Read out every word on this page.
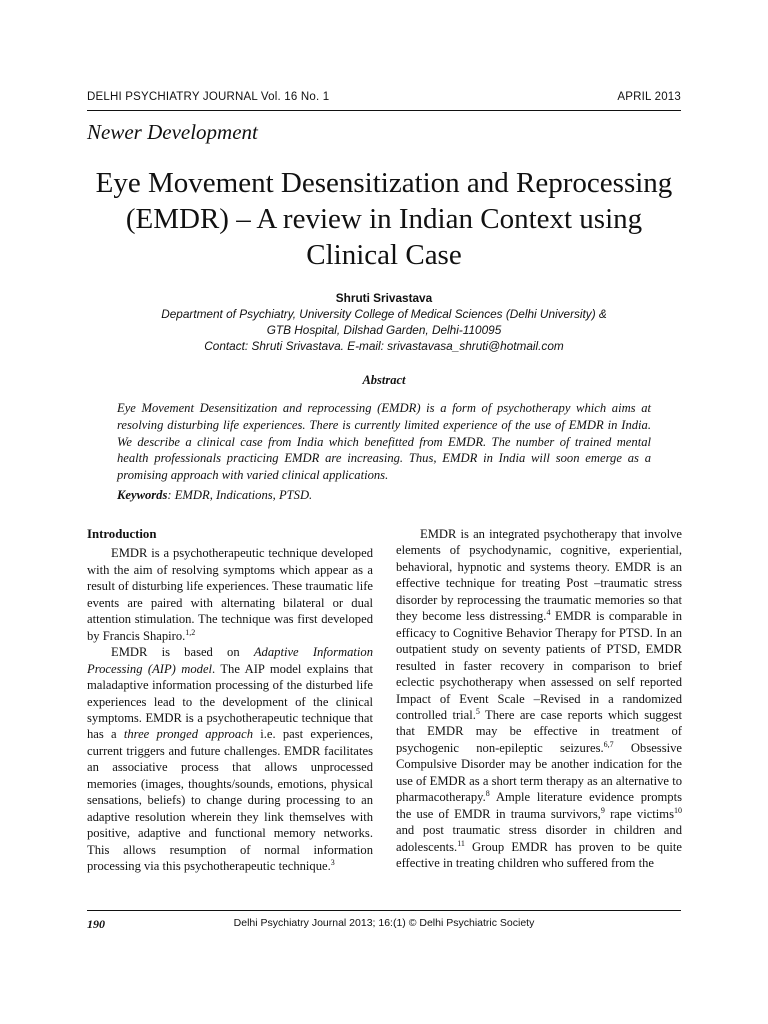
DELHI PSYCHIATRY JOURNAL Vol. 16 No. 1	APRIL 2013
Newer Development
Eye Movement Desensitization and Reprocessing
(EMDR) – A review in Indian Context using
Clinical Case
Shruti Srivastava
Department of Psychiatry, University College of Medical Sciences (Delhi University) &
GTB Hospital, Dilshad Garden, Delhi-110095
Contact: Shruti Srivastava. E-mail: srivastavasa_shruti@hotmail.com
Abstract

Eye Movement Desensitization and reprocessing (EMDR) is a form of psychotherapy which aims at resolving disturbing life experiences. There is currently limited experience of the use of EMDR in India. We describe a clinical case from India which benefitted from EMDR. The number of trained mental health professionals practicing EMDR are increasing. Thus, EMDR in India will soon emerge as a promising approach with varied clinical applications.

Keywords: EMDR, Indications, PTSD.

Introduction

EMDR is a psychotherapeutic technique developed with the aim of resolving symptoms which appear as a result of disturbing life experiences. These traumatic life events are paired with alternating bilateral or dual attention stimulation. The technique was first developed by Francis Shapiro.$^{1,2}$

EMDR is based on Adaptive Information Processing (AIP) model. The AIP model explains that maladaptive information processing of the disturbed life experiences lead to the development of the clinical symptoms. EMDR is a psychotherapeutic technique that has a three pronged approach i.e. past experiences, current triggers and future challenges. EMDR facilitates an associative process that allows unprocessed memories (images, thoughts/sounds, emotions, physical sensations, beliefs) to change during processing to an adaptive resolution wherein they link themselves with positive, adaptive and functional memory networks. This allows resumption of normal information processing via this psychotherapeutic technique.$^3$

EMDR is an integrated psychotherapy that involve elements of psychodynamic, cognitive, experiential, behavioral, hypnotic and systems theory. EMDR is an effective technique for treating Post –traumatic stress disorder by reprocessing the traumatic memories so that they become less distressing.$^4$ EMDR is comparable in efficacy to Cognitive Behavior Therapy for PTSD. In an outpatient study on seventy patients of PTSD, EMDR resulted in faster recovery in comparison to brief eclectic psychotherapy when assessed on self reported Impact of Event Scale –Revised in a randomized controlled trial.$^5$ There are case reports which suggest that EMDR may be effective in treatment of psychogenic non-epileptic seizures.$^{6,7}$ Obsessive Compulsive Disorder may be another indication for the use of EMDR as a short term therapy as an alternative to pharmacotherapy.$^8$ Ample literature evidence prompts the use of EMDR in trauma survivors,$^9$ rape victims$^{10}$ and post traumatic stress disorder in children and adolescents.$^{11}$ Group EMDR has proven to be quite effective in treating children who suffered from the

190	Delhi Psychiatry Journal 2013; 16:(1) © Delhi Psychiatric Society
